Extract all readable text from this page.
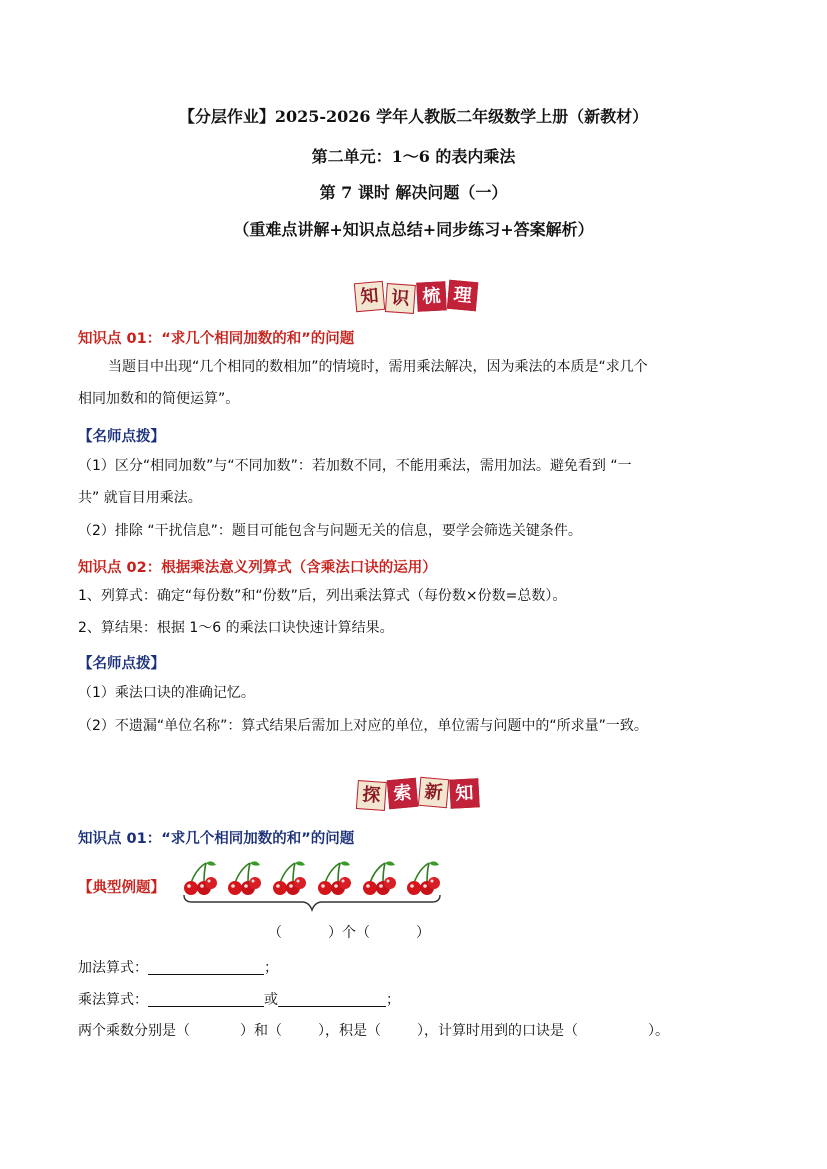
【分层作业】2025-2026 学年人教版二年级数学上册（新教材）
第二单元：1～6 的表内乘法
第 7 课时 解决问题（一）
（重难点讲解+知识点总结+同步练习+答案解析）
知 识 梳 理
知识点 01：“求几个相同加数的和”的问题
当题目中出现“几个相同的数相加”的情境时，需用乘法解决，因为乘法的本质是“求几个
相同加数和的简便运算”。
【名师点拨】
（1）区分“相同加数”与“不同加数”：若加数不同，不能用乘法，需用加法。避免看到 “一
共” 就盲目用乘法。
（2）排除 “干扰信息”：题目可能包含与问题无关的信息，要学会筛选关键条件。
知识点 02：根据乘法意义列算式（含乘法口诀的运用）
1、列算式：确定“每份数”和“份数”后，列出乘法算式（每份数×份数=总数）。
2、算结果：根据 1～6 的乘法口诀快速计算结果。
【名师点拨】
（1）乘法口诀的准确记忆。
（2）不遗漏“单位名称”：算式结果后需加上对应的单位，单位需与问题中的“所求量”一致。
探 索 新 知
知识点 01：“求几个相同加数的和”的问题
【典型例题】
（	）个（	）
加法算式：	；
乘法算式：	或	；
两个乘数分别是（	）和（	），积是（	），计算时用到的口诀是（	）。
